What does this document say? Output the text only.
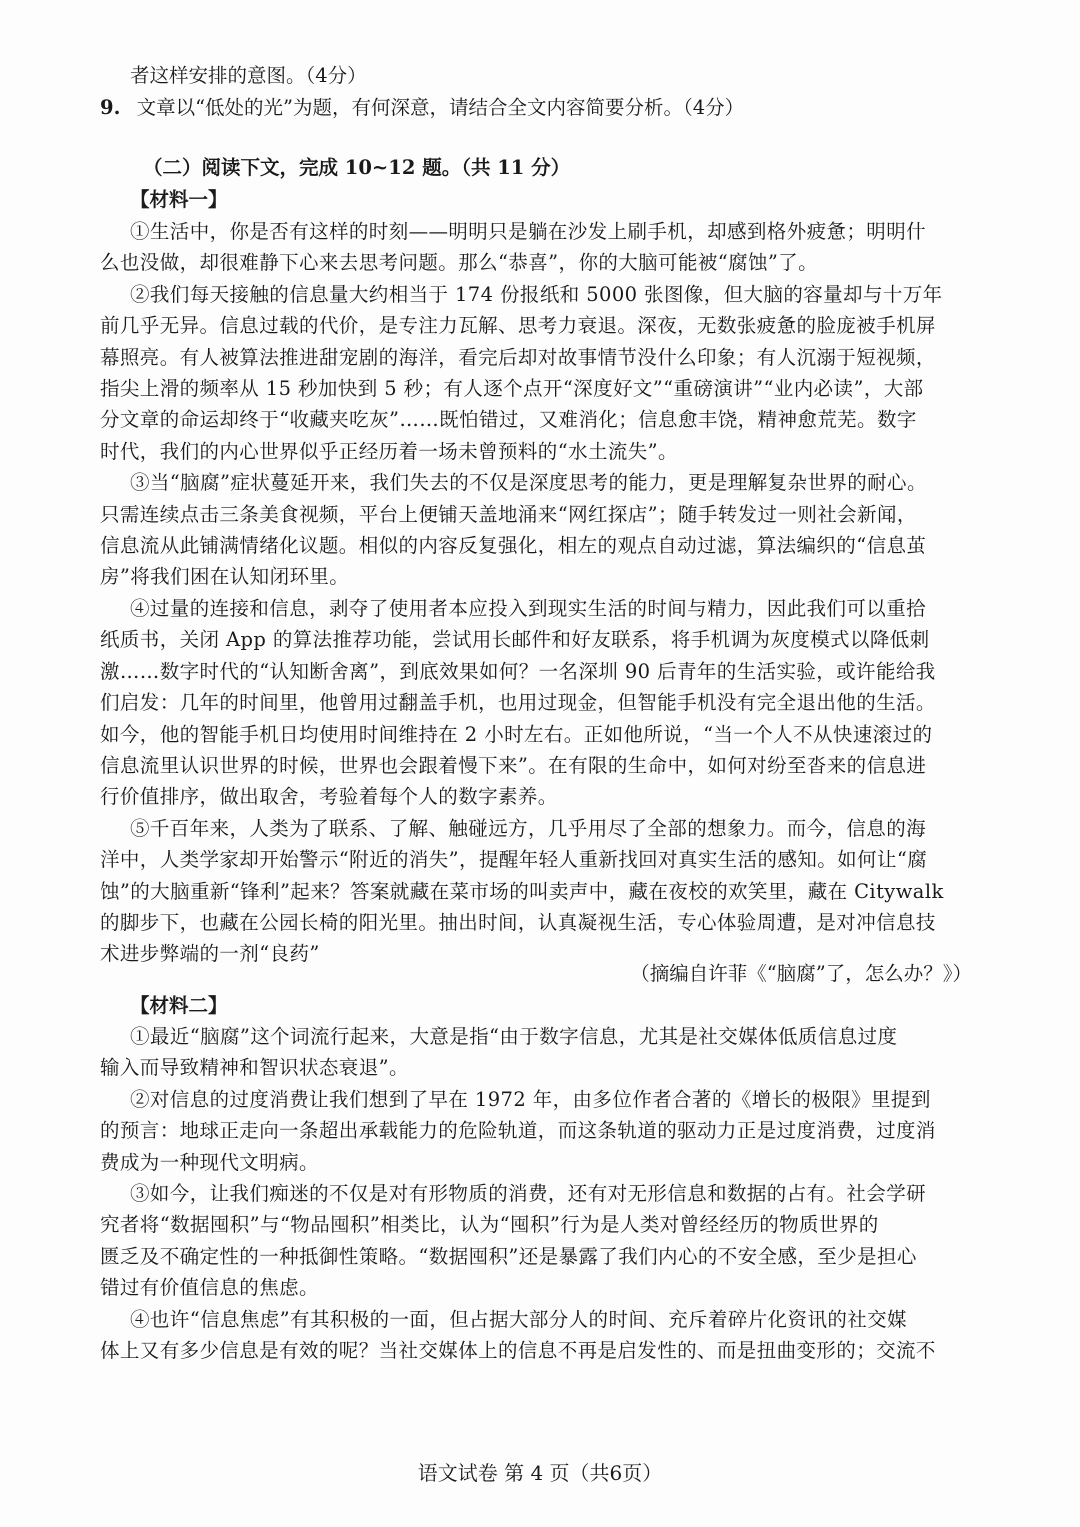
者这样安排的意图。（4分）
9. 文章以“低处的光”为题，有何深意，请结合全文内容简要分析。（4分）
（二）阅读下文，完成 10~12 题。（共 11 分）
【材料一】
①生活中，你是否有这样的时刻——明明只是躺在沙发上刷手机，却感到格外疲惫；明明什
么也没做，却很难静下心来去思考问题。那么“恭喜”，你的大脑可能被“腐蚀”了。
②我们每天接触的信息量大约相当于 174 份报纸和 5000 张图像，但大脑的容量却与十万年
前几乎无异。信息过载的代价，是专注力瓦解、思考力衰退。深夜，无数张疲惫的脸庞被手机屏
幕照亮。有人被算法推进甜宠剧的海洋，看完后却对故事情节没什么印象；有人沉溺于短视频，
指尖上滑的频率从 15 秒加快到 5 秒；有人逐个点开“深度好文”“重磅演讲”“业内必读”，大部
分文章的命运却终于“收藏夹吃灰”……既怕错过，又难消化；信息愈丰饶，精神愈荒芜。数字
时代，我们的内心世界似乎正经历着一场未曾预料的“水土流失”。
③当“脑腐”症状蔓延开来，我们失去的不仅是深度思考的能力，更是理解复杂世界的耐心。
只需连续点击三条美食视频，平台上便铺天盖地涌来“网红探店”；随手转发过一则社会新闻，
信息流从此铺满情绪化议题。相似的内容反复强化，相左的观点自动过滤，算法编织的“信息茧
房”将我们困在认知闭环里。
④过量的连接和信息，剥夺了使用者本应投入到现实生活的时间与精力，因此我们可以重拾
纸质书，关闭 App 的算法推荐功能，尝试用长邮件和好友联系，将手机调为灰度模式以降低刺
激……数字时代的“认知断舍离”，到底效果如何？一名深圳 90 后青年的生活实验，或许能给我
们启发：几年的时间里，他曾用过翻盖手机，也用过现金，但智能手机没有完全退出他的生活。
如今，他的智能手机日均使用时间维持在 2 小时左右。正如他所说，“当一个人不从快速滚过的
信息流里认识世界的时候，世界也会跟着慢下来”。在有限的生命中，如何对纷至沓来的信息进
行价值排序，做出取舍，考验着每个人的数字素养。
⑤千百年来，人类为了联系、了解、触碰远方，几乎用尽了全部的想象力。而今，信息的海
洋中，人类学家却开始警示“附近的消失”，提醒年轻人重新找回对真实生活的感知。如何让“腐
蚀”的大脑重新“锋利”起来？答案就藏在菜市场的叫卖声中，藏在夜校的欢笑里，藏在 Citywalk
的脚步下，也藏在公园长椅的阳光里。抽出时间，认真凝视生活，专心体验周遭，是对冲信息技
术进步弊端的一剂“良药”
（摘编自许菲《“脑腐”了，怎么办？》）
【材料二】
①最近“脑腐”这个词流行起来，大意是指“由于数字信息，尤其是社交媒体低质信息过度
输入而导致精神和智识状态衰退”。
②对信息的过度消费让我们想到了早在 1972 年，由多位作者合著的《增长的极限》里提到
的预言：地球正走向一条超出承载能力的危险轨道，而这条轨道的驱动力正是过度消费，过度消
费成为一种现代文明病。
③如今，让我们痴迷的不仅是对有形物质的消费，还有对无形信息和数据的占有。社会学研
究者将“数据囤积”与“物品囤积”相类比，认为“囤积”行为是人类对曾经经历的物质世界的
匮乏及不确定性的一种抵御性策略。“数据囤积”还是暴露了我们内心的不安全感，至少是担心
错过有价值信息的焦虑。
④也许“信息焦虑”有其积极的一面，但占据大部分人的时间、充斥着碎片化资讯的社交媒
体上又有多少信息是有效的呢？当社交媒体上的信息不再是启发性的、而是扭曲变形的；交流不
语文试卷 第 4 页（共6页）
